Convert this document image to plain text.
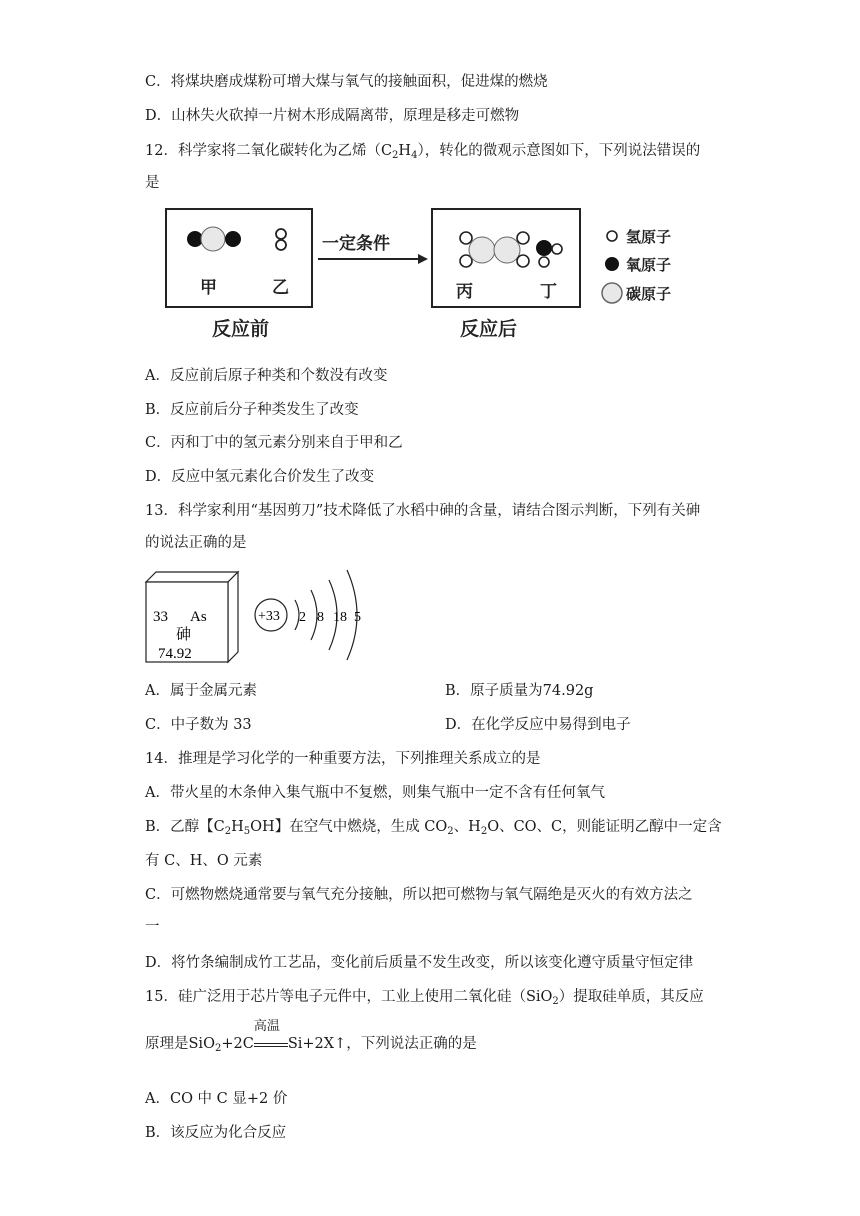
C．将煤块磨成煤粉可增大煤与氧气的接触面积，促进煤的燃烧
D．山林失火砍掉一片树木形成隔离带，原理是移走可燃物
12．科学家将二氧化碳转化为乙烯$(C_2H_4)$，转化的微观示意图如下，下列说法错误的
是
甲	乙
一定条件
丙	丁
反应前	反应后
氢原子
氧原子
碳原子
A．反应前后原子种类和个数没有改变
B．反应前后分子种类发生了改变
C．丙和丁中的氢元素分别来自于甲和乙
D．反应中氢元素化合价发生了改变
13．科学家利用“基因剪刀”技术降低了水稻中砷的含量，请结合图示判断，下列有关砷
的说法正确的是
33 As
砷
74.92
+33 2 8 18 5
A．属于金属元素	B．原子质量为74.92g
C．中子数为 33	D．在化学反应中易得到电子
14．推理是学习化学的一种重要方法，下列推理关系成立的是
A．带火星的木条伸入集气瓶中不复燃，则集气瓶中一定不含有任何氧气
B．乙醇【$C_2H_5OH$】在空气中燃烧，生成 $CO_2$、$H_2O$、CO、C，则能证明乙醇中一定含
有 C、H、O 元素
C．可燃物燃烧通常要与氧气充分接触，所以把可燃物与氧气隔绝是灭火的有效方法之
一
D．将竹条编制成竹工艺品，变化前后质量不发生改变，所以该变化遵守质量守恒定律
15．硅广泛用于芯片等电子元件中，工业上使用二氧化硅（SiO$_2$）提取硅单质，其反应
原理是SiO$_2$+2C
高温
Si+2X↑，下列说法正确的是
A．CO 中 C 显+2 价
B．该反应为化合反应
